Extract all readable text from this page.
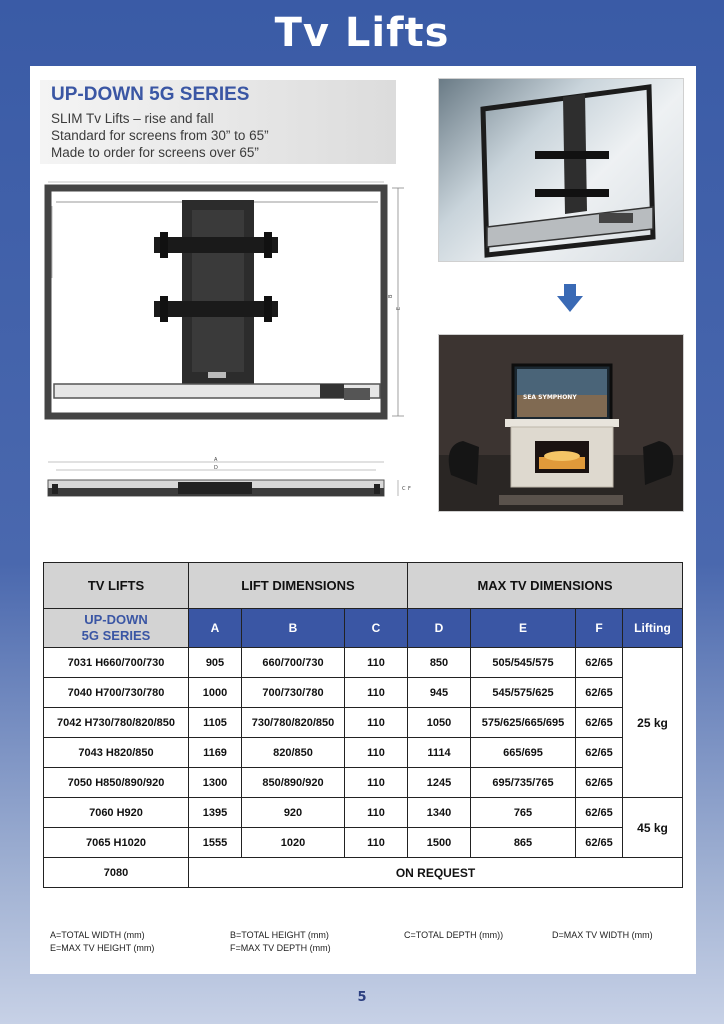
Tv Lifts
UP-DOWN 5G SERIES
SLIM Tv Lifts – rise and fall
Standard for screens from 30” to 65”
Made to order for screens over 65”
B
E
A
D
C F
SEA SYMPHONY
TV LIFTS	LIFT DIMENSIONS			MAX TV DIMENSIONS			
UP-DOWN
5G SERIES	A	B	C	D	E	F	Lifting
7031 H660/700/730	905	660/700/730	110	850	505/545/575	62/65	25 kg
7040 H700/730/780	1000	700/730/780	110	945	545/575/625	62/65	
7042 H730/780/820/850	1105	730/780/820/850	110	1050	575/625/665/695	62/65	
7043 H820/850	1169	820/850	110	1114	665/695	62/65	
7050 H850/890/920	1300	850/890/920	110	1245	695/735/765	62/65	
7060 H920	1395	920	110	1340	765	62/65	45 kg
7065 H1020	1555	1020	110	1500	865	62/65	
7080	ON REQUEST						
A=TOTAL WIDTH (mm)	B=TOTAL HEIGHT (mm)	C=TOTAL DEPTH (mm))	D=MAX TV WIDTH (mm)
E=MAX TV HEIGHT (mm)	F=MAX TV DEPTH (mm)
5
